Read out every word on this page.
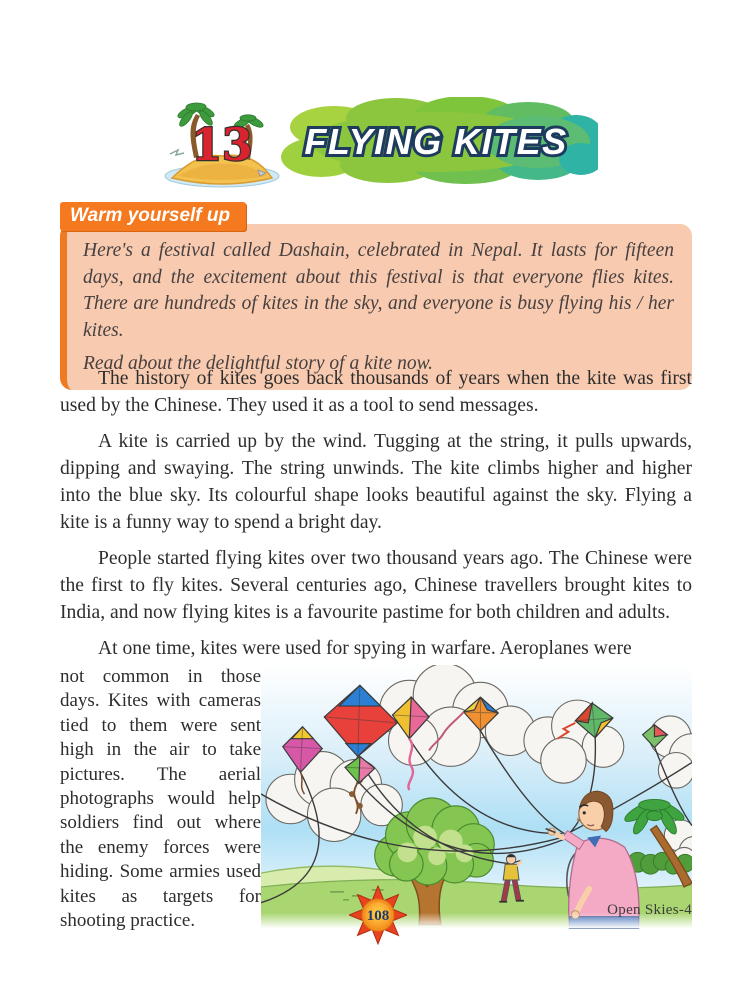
13 FLYING KITES
Warm yourself up

Here's a festival called Dashain, celebrated in Nepal. It lasts for fifteen days, and the excitement about this festival is that everyone flies kites. There are hundreds of kites in the sky, and everyone is busy flying his / her kites.

Read about the delightful story of a kite now.

The history of kites goes back thousands of years when the kite was first used by the Chinese. They used it as a tool to send messages.

A kite is carried up by the wind. Tugging at the string, it pulls upwards, dipping and swaying. The string unwinds. The kite climbs higher and higher into the blue sky. Its colourful shape looks beautiful against the sky. Flying a kite is a funny way to spend a bright day.

People started flying kites over two thousand years ago. The Chinese were the first to fly kites. Several centuries ago, Chinese travellers brought kites to India, and now flying kites is a favourite pastime for both children and adults.

At one time, kites were used for spying in warfare. Aeroplanes were

not common in those days. Kites with cameras tied to them were sent high in the air to take pictures. The aerial photographs would help soldiers find out where the enemy forces were hiding. Some armies used kites as targets for shooting practice.	108	Open Skies-4
